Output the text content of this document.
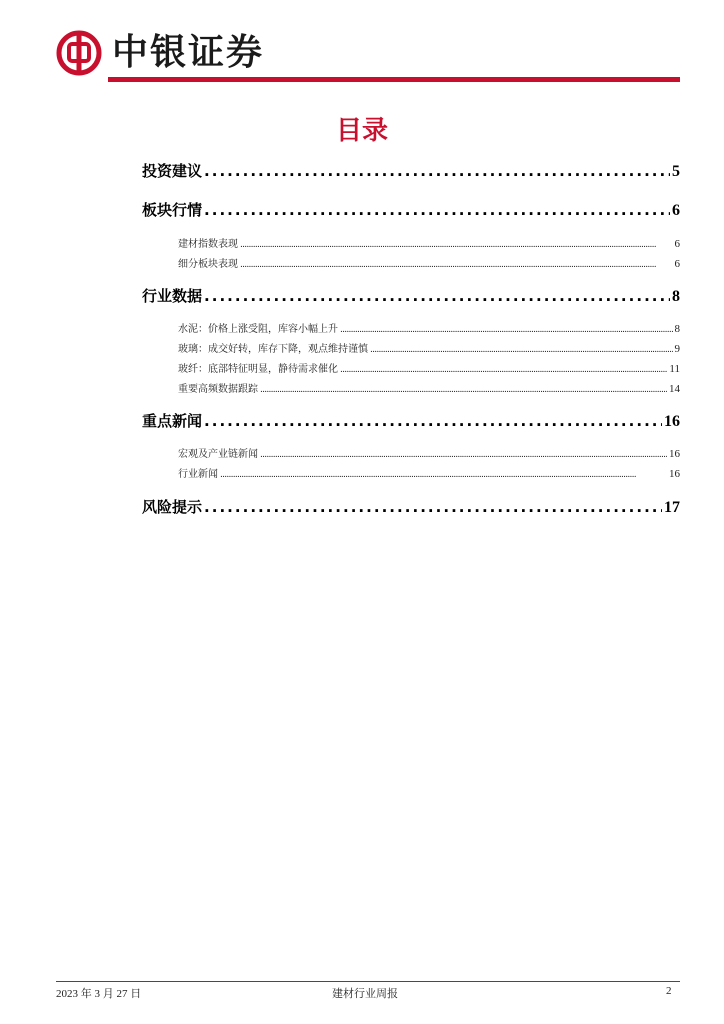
中银证券
目录
投资建议 . . .	5
板块行情 . . .	6
建材指数表现 . . .	6
细分板块表现 . . .	6
行业数据 . . .	8
水泥：价格上涨受阻，库容小幅上升 . . .	8
玻璃：成交好转，库存下降，观点维持谨慎 . . .	9
玻纤：底部特征明显，静待需求催化 . . .	11
重要高频数据跟踪 . . .	14
重点新闻 . . .	16
宏观及产业链新闻 . . .	16
行业新闻 . . .	16
风险提示 . . .	17
2023 年 3 月 27 日	建材行业周报	2
